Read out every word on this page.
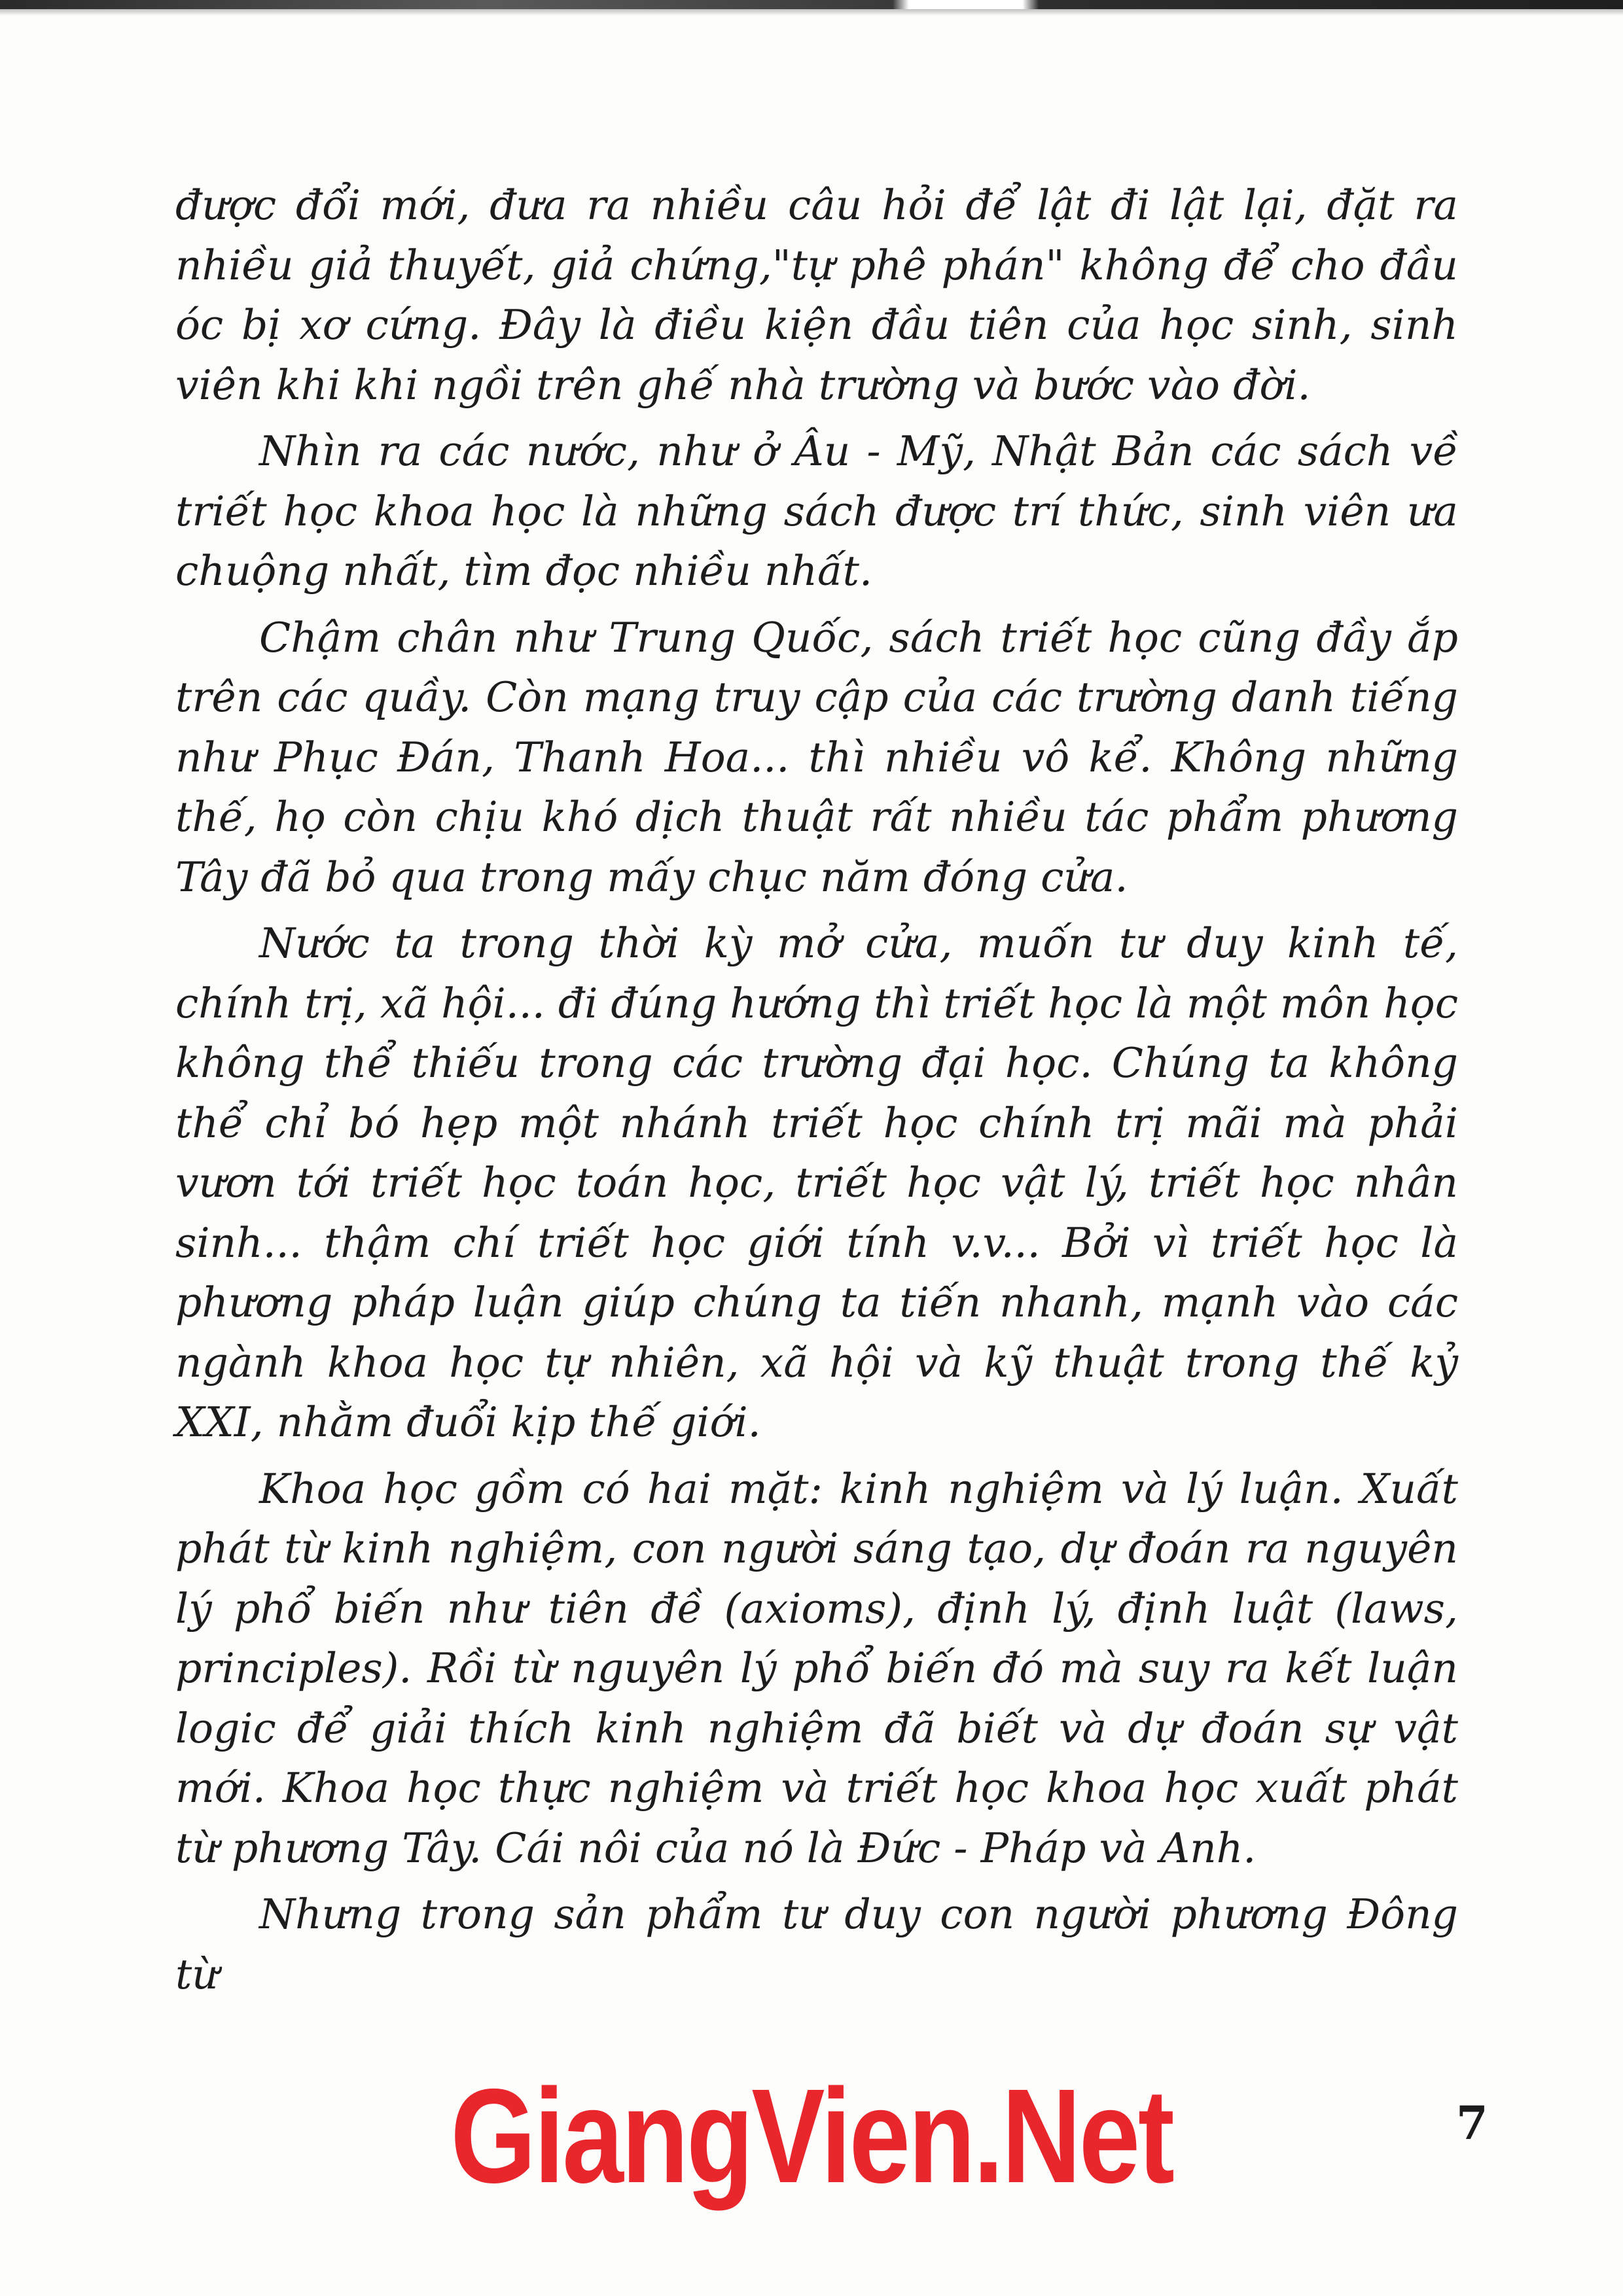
được đổi mới, đưa ra nhiều câu hỏi để lật đi lật lại, đặt ra nhiều giả thuyết, giả chứng,"tự phê phán" không để cho đầu óc bị xơ cứng. Đây là điều kiện đầu tiên của học sinh, sinh viên khi khi ngồi trên ghế nhà trường và bước vào đời.

Nhìn ra các nước, như ở Âu - Mỹ, Nhật Bản các sách về triết học khoa học là những sách được trí thức, sinh viên ưa chuộng nhất, tìm đọc nhiều nhất.

Chậm chân như Trung Quốc, sách triết học cũng đầy ắp trên các quầy. Còn mạng truy cập của các trường danh tiếng như Phục Đán, Thanh Hoa... thì nhiều vô kể. Không những thế, họ còn chịu khó dịch thuật rất nhiều tác phẩm phương Tây đã bỏ qua trong mấy chục năm đóng cửa.

Nước ta trong thời kỳ mở cửa, muốn tư duy kinh tế, chính trị, xã hội... đi đúng hướng thì triết học là một môn học không thể thiếu trong các trường đại học. Chúng ta không thể chỉ bó hẹp một nhánh triết học chính trị mãi mà phải vươn tới triết học toán học, triết học vật lý, triết học nhân sinh... thậm chí triết học giới tính v.v... Bởi vì triết học là phương pháp luận giúp chúng ta tiến nhanh, mạnh vào các ngành khoa học tự nhiên, xã hội và kỹ thuật trong thế kỷ XXI, nhằm đuổi kịp thế giới.

Khoa học gồm có hai mặt: kinh nghiệm và lý luận. Xuất phát từ kinh nghiệm, con người sáng tạo, dự đoán ra nguyên lý phổ biến như tiên đề (axioms), định lý, định luật (laws, principles). Rồi từ nguyên lý phổ biến đó mà suy ra kết luận logic để giải thích kinh nghiệm đã biết và dự đoán sự vật mới. Khoa học thực nghiệm và triết học khoa học xuất phát từ phương Tây. Cái nôi của nó là Đức - Pháp và Anh.

Nhưng trong sản phẩm tư duy con người phương Đông từ

GiangVien.Net	7
